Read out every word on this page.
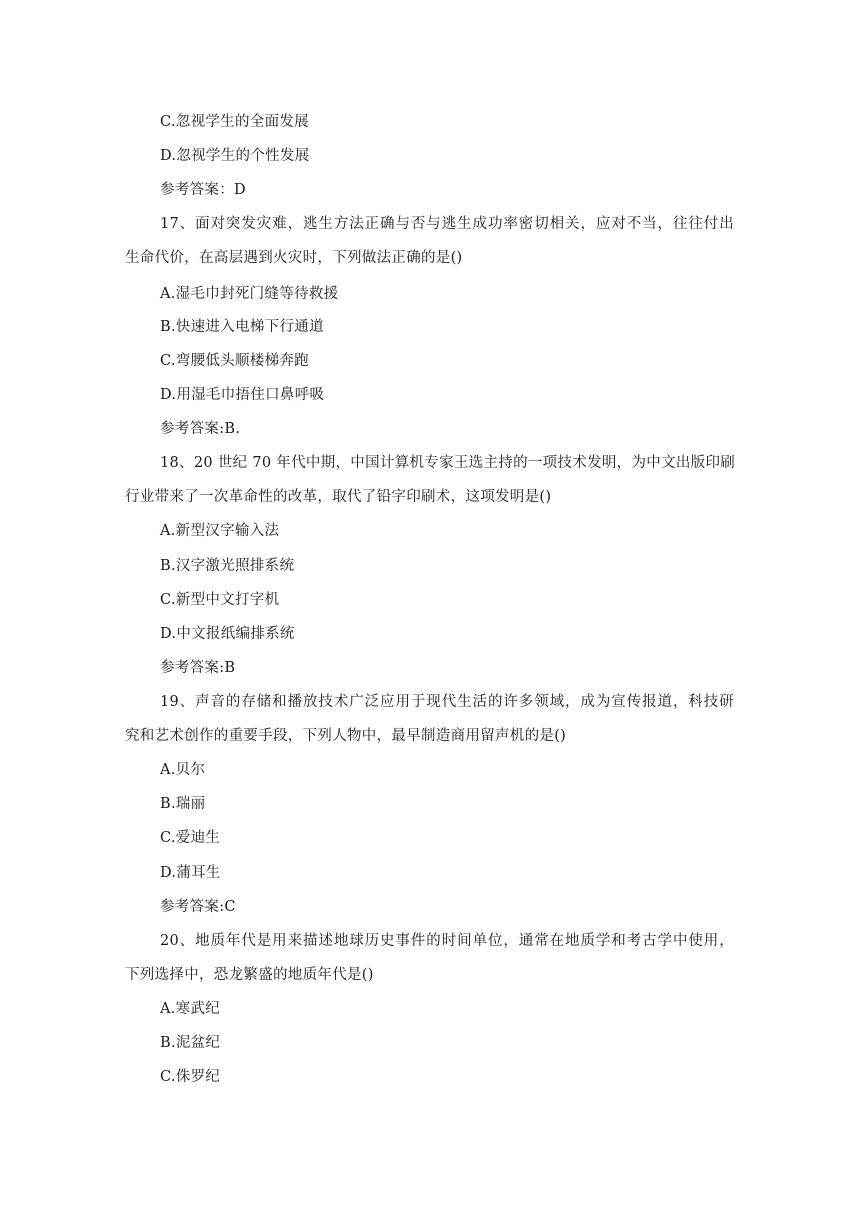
C.忽视学生的全面发展
D.忽视学生的个性发展
参考答案：D
17、面对突发灾难，逃生方法正确与否与逃生成功率密切相关，应对不当，往往付出
生命代价，在高层遇到火灾时，下列做法正确的是()
A.湿毛巾封死门缝等待救援
B.快速进入电梯下行通道
C.弯腰低头顺楼梯奔跑
D.用湿毛巾捂住口鼻呼吸
参考答案:B.
18、20 世纪 70 年代中期，中国计算机专家王选主持的一项技术发明，为中文出版印刷
行业带来了一次革命性的改革，取代了铅字印刷术，这项发明是()
A.新型汉字输入法
B.汉字激光照排系统
C.新型中文打字机
D.中文报纸编排系统
参考答案:B
19、声音的存储和播放技术广泛应用于现代生活的许多领域，成为宣传报道，科技研
究和艺术创作的重要手段，下列人物中，最早制造商用留声机的是()
A.贝尔
B.瑞丽
C.爱迪生
D.蒲耳生
参考答案:C
20、地质年代是用来描述地球历史事件的时间单位，通常在地质学和考古学中使用，
下列选择中，恐龙繁盛的地质年代是()
A.寒武纪
B.泥盆纪
C.侏罗纪
